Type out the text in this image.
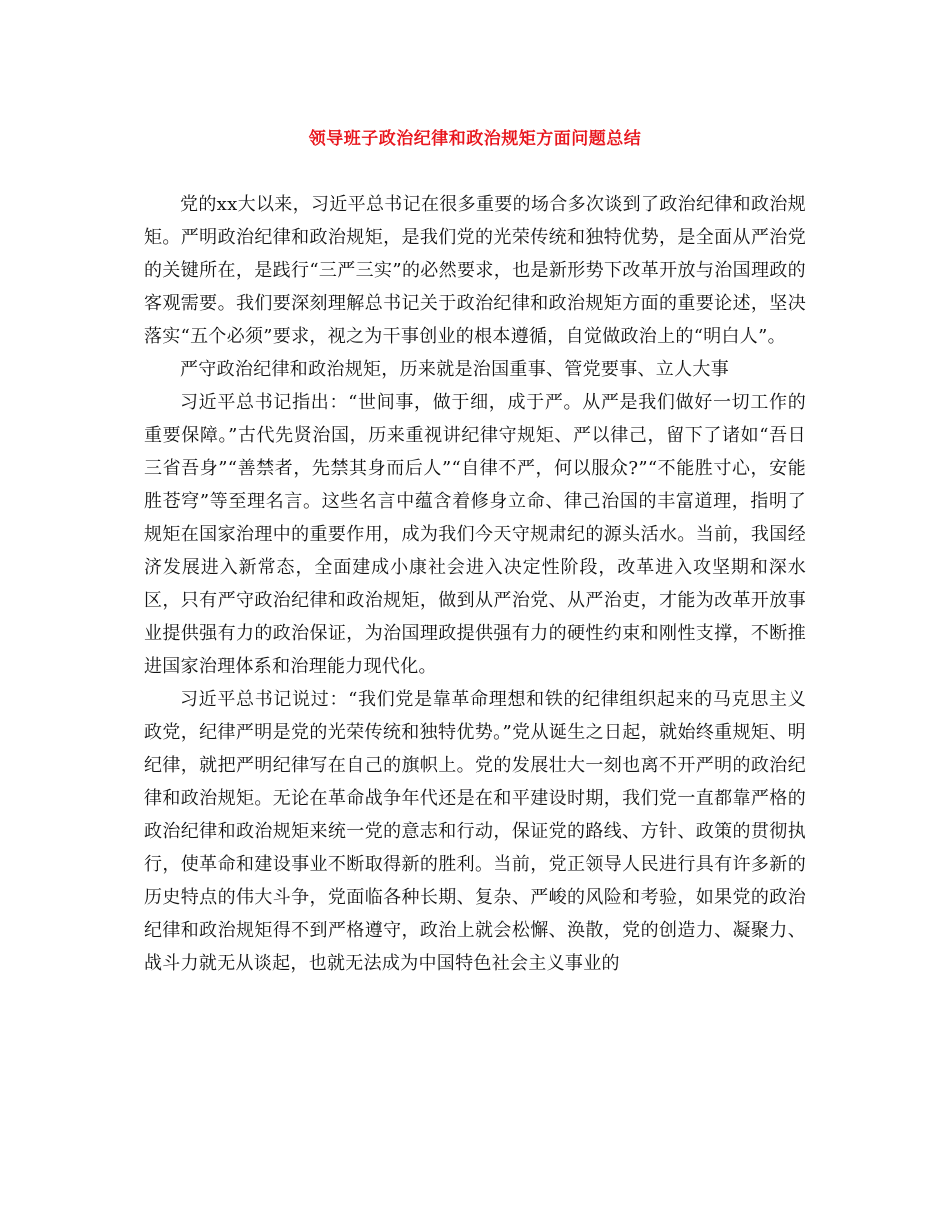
领导班子政治纪律和政治规矩方面问题总结

党的xx大以来，习近平总书记在很多重要的场合多次谈到了政治纪律和政治规矩。严明政治纪律和政治规矩，是我们党的光荣传统和独特优势，是全面从严治党的关键所在，是践行“三严三实”的必然要求，也是新形势下改革开放与治国理政的客观需要。我们要深刻理解总书记关于政治纪律和政治规矩方面的重要论述，坚决落实“五个必须”要求，视之为干事创业的根本遵循，自觉做政治上的“明白人”。

严守政治纪律和政治规矩，历来就是治国重事、管党要事、立人大事

习近平总书记指出：“世间事，做于细，成于严。从严是我们做好一切工作的重要保障。”古代先贤治国，历来重视讲纪律守规矩、严以律己，留下了诸如“吾日三省吾身”“善禁者，先禁其身而后人”“自律不严，何以服众?”“不能胜寸心，安能胜苍穹”等至理名言。这些名言中蕴含着修身立命、律己治国的丰富道理，指明了规矩在国家治理中的重要作用，成为我们今天守规肃纪的源头活水。当前，我国经济发展进入新常态，全面建成小康社会进入决定性阶段，改革进入攻坚期和深水区，只有严守政治纪律和政治规矩，做到从严治党、从严治吏，才能为改革开放事业提供强有力的政治保证，为治国理政提供强有力的硬性约束和刚性支撑，不断推进国家治理体系和治理能力现代化。

习近平总书记说过：“我们党是靠革命理想和铁的纪律组织起来的马克思主义政党，纪律严明是党的光荣传统和独特优势。”党从诞生之日起，就始终重规矩、明纪律，就把严明纪律写在自己的旗帜上。党的发展壮大一刻也离不开严明的政治纪律和政治规矩。无论在革命战争年代还是在和平建设时期，我们党一直都靠严格的政治纪律和政治规矩来统一党的意志和行动，保证党的路线、方针、政策的贯彻执行，使革命和建设事业不断取得新的胜利。当前，党正领导人民进行具有许多新的历史特点的伟大斗争，党面临各种长期、复杂、严峻的风险和考验，如果党的政治纪律和政治规矩得不到严格遵守，政治上就会松懈、涣散，党的创造力、凝聚力、战斗力就无从谈起，也就无法成为中国特色社会主义事业的
